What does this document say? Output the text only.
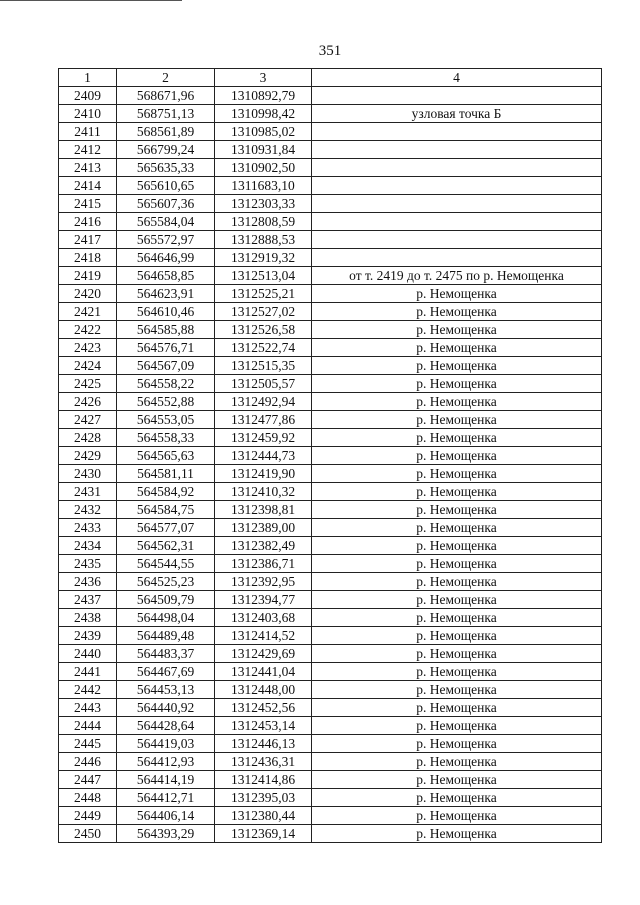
351
1	2	3	4
2409	568671,96	1310892,79	
2410	568751,13	1310998,42	узловая точка Б
2411	568561,89	1310985,02	
2412	566799,24	1310931,84	
2413	565635,33	1310902,50	
2414	565610,65	1311683,10	
2415	565607,36	1312303,33	
2416	565584,04	1312808,59	
2417	565572,97	1312888,53	
2418	564646,99	1312919,32	
2419	564658,85	1312513,04	от т. 2419 до т. 2475 по р. Немощенка
2420	564623,91	1312525,21	р. Немощенка
2421	564610,46	1312527,02	р. Немощенка
2422	564585,88	1312526,58	р. Немощенка
2423	564576,71	1312522,74	р. Немощенка
2424	564567,09	1312515,35	р. Немощенка
2425	564558,22	1312505,57	р. Немощенка
2426	564552,88	1312492,94	р. Немощенка
2427	564553,05	1312477,86	р. Немощенка
2428	564558,33	1312459,92	р. Немощенка
2429	564565,63	1312444,73	р. Немощенка
2430	564581,11	1312419,90	р. Немощенка
2431	564584,92	1312410,32	р. Немощенка
2432	564584,75	1312398,81	р. Немощенка
2433	564577,07	1312389,00	р. Немощенка
2434	564562,31	1312382,49	р. Немощенка
2435	564544,55	1312386,71	р. Немощенка
2436	564525,23	1312392,95	р. Немощенка
2437	564509,79	1312394,77	р. Немощенка
2438	564498,04	1312403,68	р. Немощенка
2439	564489,48	1312414,52	р. Немощенка
2440	564483,37	1312429,69	р. Немощенка
2441	564467,69	1312441,04	р. Немощенка
2442	564453,13	1312448,00	р. Немощенка
2443	564440,92	1312452,56	р. Немощенка
2444	564428,64	1312453,14	р. Немощенка
2445	564419,03	1312446,13	р. Немощенка
2446	564412,93	1312436,31	р. Немощенка
2447	564414,19	1312414,86	р. Немощенка
2448	564412,71	1312395,03	р. Немощенка
2449	564406,14	1312380,44	р. Немощенка
2450	564393,29	1312369,14	р. Немощенка
